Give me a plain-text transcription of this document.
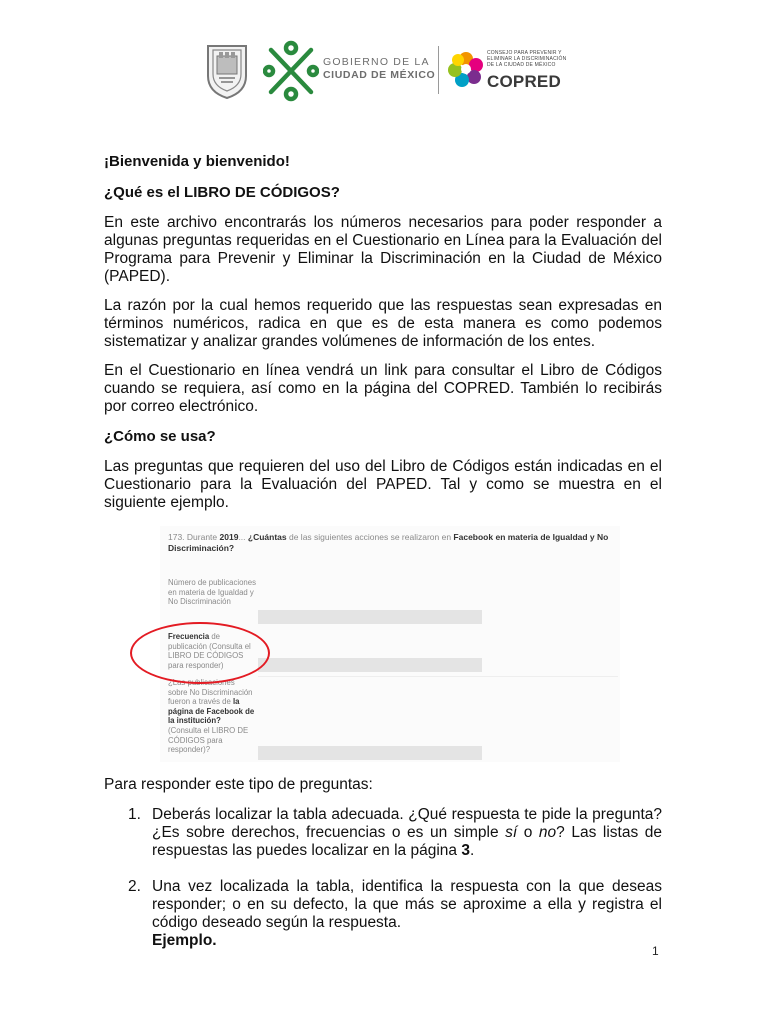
GOBIERNO DE LA
CIUDAD DE MÉXICO
CONSEJO PARA PREVENIR Y ELIMINAR LA DISCRIMINACIÓN DE LA CIUDAD DE MÉXICO
COPRED
¡Bienvenida y bienvenido!
¿Qué es el LIBRO DE CÓDIGOS?

En este archivo encontrarás los números necesarios para poder responder a algunas preguntas requeridas en el Cuestionario en Línea para la Evaluación del Programa para Prevenir y Eliminar la Discriminación en la Ciudad de México (PAPED).

La razón por la cual hemos requerido que las respuestas sean expresadas en términos numéricos, radica en que es de esta manera es como podemos sistematizar y analizar grandes volúmenes de información de los entes.

En el Cuestionario en línea vendrá un link para consultar el Libro de Códigos cuando se requiera, así como en la página del COPRED. También lo recibirás por correo electrónico.

¿Cómo se usa?

Las preguntas que requieren del uso del Libro de Códigos están indicadas en el Cuestionario para la Evaluación del PAPED. Tal y como se muestra en el siguiente ejemplo.

173. Durante 2019... ¿Cuántas de las siguientes acciones se realizaron en Facebook en materia de Igualdad y No Discriminación?
Número de publicaciones en materia de Igualdad y No Discriminación
Frecuencia de publicación (Consulta el LIBRO DE CÓDIGOS para responder)
¿Las publicaciones sobre No Discriminación fueron a través de la página de Facebook de la institución? (Consulta el LIBRO DE CÓDIGOS para responder)?

Para responder este tipo de preguntas:

1. Deberás localizar la tabla adecuada. ¿Qué respuesta te pide la pregunta? ¿Es sobre derechos, frecuencias o es un simple sí o no? Las listas de respuestas las puedes localizar en la página 3.
2. Una vez localizada la tabla, identifica la respuesta con la que deseas responder; o en su defecto, la que más se aproxime a ella y registra el código deseado según la respuesta.
Ejemplo.
1
